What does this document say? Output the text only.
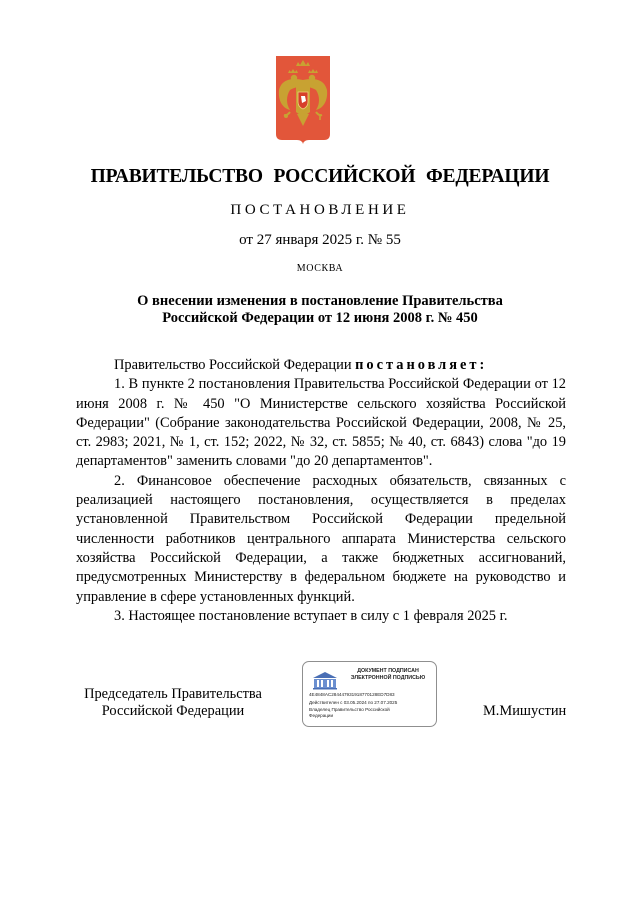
ПРАВИТЕЛЬСТВО РОССИЙСКОЙ ФЕДЕРАЦИИ
ПОСТАНОВЛЕНИЕ
от 27 января 2025 г. № 55
МОСКВА
О внесении изменения в постановление Правительства
Российской Федерации от 12 июня 2008 г. № 450

Правительство Российской Федерации постановляет:

1. В пункте 2 постановления Правительства Российской Федерации от 12 июня 2008 г. № 450 "О Министерстве сельского хозяйства Российской Федерации" (Собрание законодательства Российской Федерации, 2008, № 25, ст. 2983; 2021, № 1, ст. 152; 2022, № 32, ст. 5855; № 40, ст. 6843) слова "до 19 департаментов" заменить словами "до 20 департаментов".

2. Финансовое обеспечение расходных обязательств, связанных с реализацией настоящего постановления, осуществляется в пределах установленной Правительством Российской Федерации предельной численности работников центрального аппарата Министерства сельского хозяйства Российской Федерации, а также бюджетных ассигнований, предусмотренных Министерству в федеральном бюджете на руководство и управление в сфере установленных функций.

3. Настоящее постановление вступает в силу с 1 февраля 2025 г.

Председатель Правительства
Российской Федерации
ДОКУМЕНТ ПОДПИСАН
ЭЛЕКТРОННОЙ ПОДПИСЬЮ
4E4848AC284447931918770128ED7D83
Действителен с 03.05.2024 по 27.07.2025
Владелец Правительство Российской
Федерации	М.Мишустин
